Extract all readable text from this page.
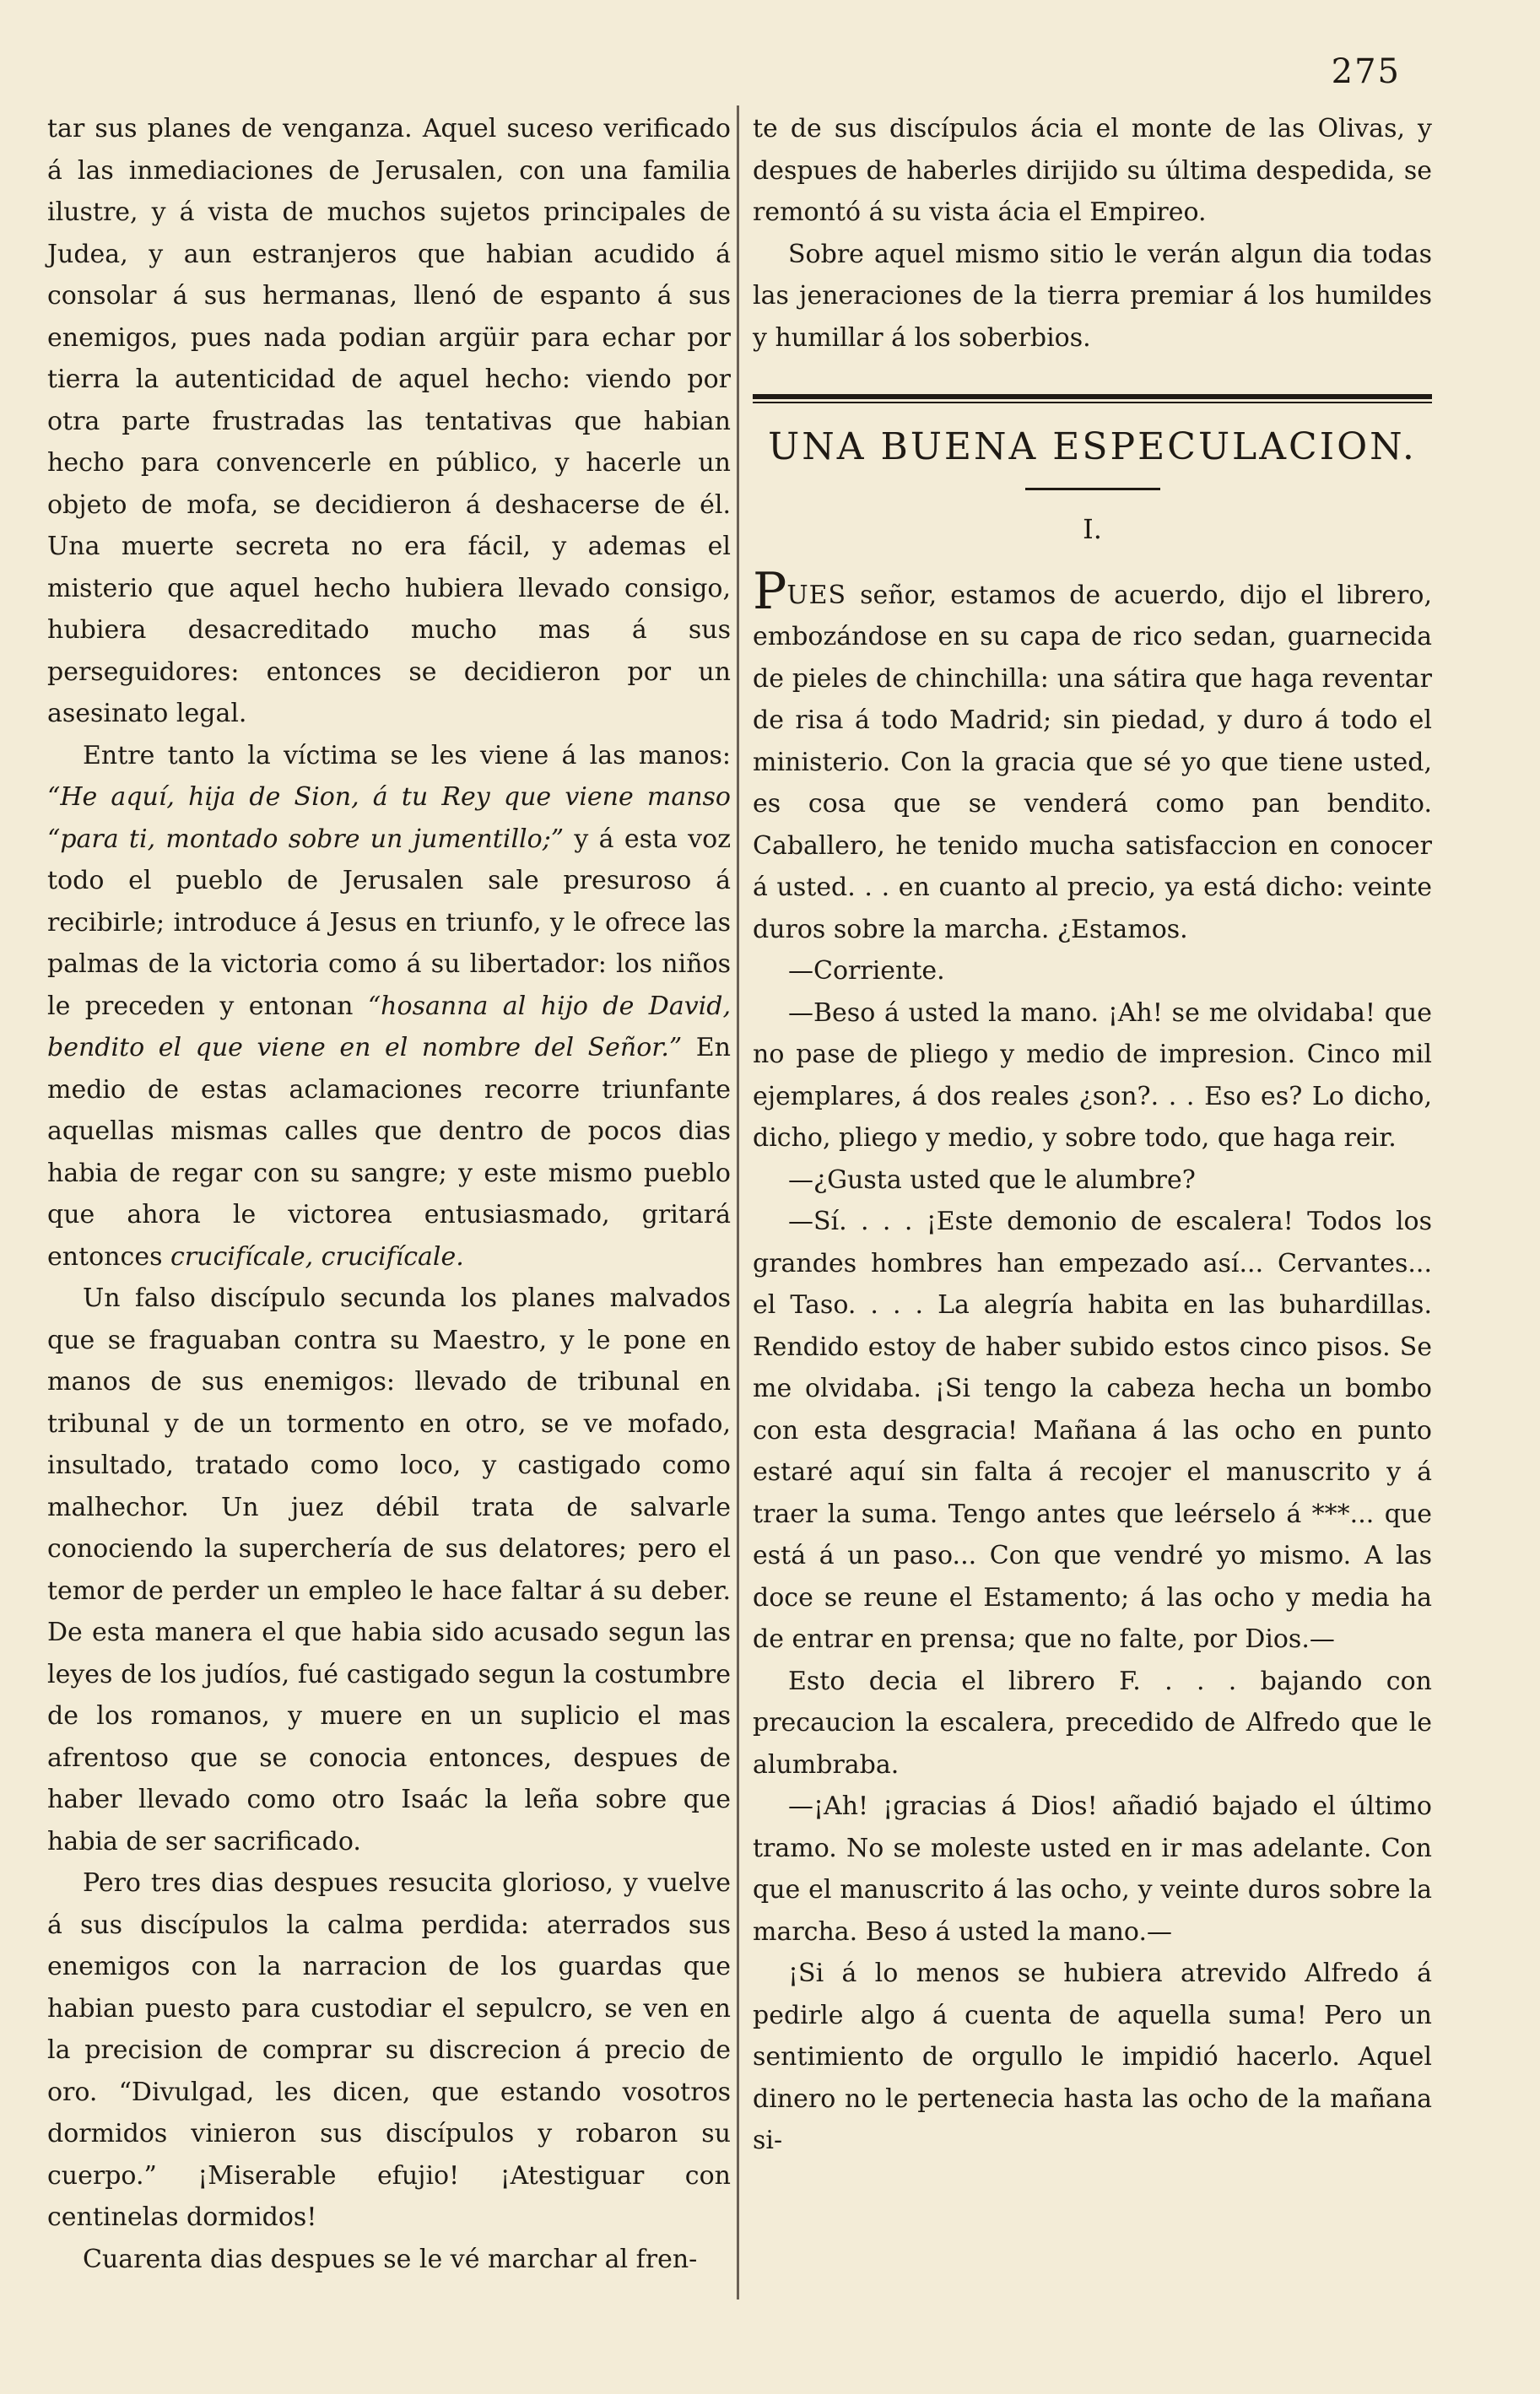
275

tar sus planes de venganza. Aquel suceso verificado á las inmediaciones de Jerusalen, con una familia ilustre, y á vista de muchos sujetos principales de Judea, y aun estranjeros que habian acudido á consolar á sus hermanas, llenó de espanto á sus enemigos, pues nada podian argüir para echar por tierra la autenticidad de aquel hecho: viendo por otra parte frustradas las tentativas que habian hecho para convencerle en público, y hacerle un objeto de mofa, se decidieron á deshacerse de él. Una muerte secreta no era fácil, y ademas el misterio que aquel hecho hubiera llevado consigo, hubiera desacreditado mucho mas á sus perseguidores: entonces se decidieron por un asesinato legal.

Entre tanto la víctima se les viene á las manos: “He aquí, hija de Sion, á tu Rey que viene manso “para ti, montado sobre un jumentillo;” y á esta voz todo el pueblo de Jerusalen sale presuroso á recibirle; introduce á Jesus en triunfo, y le ofrece las palmas de la victoria como á su libertador: los niños le preceden y entonan “hosanna al hijo de David, bendito el que viene en el nombre del Señor.” En medio de estas aclamaciones recorre triunfante aquellas mismas calles que dentro de pocos dias habia de regar con su sangre; y este mismo pueblo que ahora le victorea entusiasmado, gritará entonces crucifícale, crucifícale.

Un falso discípulo secunda los planes malvados que se fraguaban contra su Maestro, y le pone en manos de sus enemigos: llevado de tribunal en tribunal y de un tormento en otro, se ve mofado, insultado, tratado como loco, y castigado como malhechor. Un juez débil trata de salvarle conociendo la superchería de sus delatores; pero el temor de perder un empleo le hace faltar á su deber. De esta manera el que habia sido acusado segun las leyes de los judíos, fué castigado segun la costumbre de los romanos, y muere en un suplicio el mas afrentoso que se conocia entonces, despues de haber llevado como otro Isaác la leña sobre que habia de ser sacrificado.

Pero tres dias despues resucita glorioso, y vuelve á sus discípulos la calma perdida: aterrados sus enemigos con la narracion de los guardas que habian puesto para custodiar el sepulcro, se ven en la precision de comprar su discrecion á precio de oro. “Divulgad, les dicen, que estando vosotros dormidos vinieron sus discípulos y robaron su cuerpo.” ¡Miserable efujio! ¡Atestiguar con centinelas dormidos!

Cuarenta dias despues se le vé marchar al fren-

te de sus discípulos ácia el monte de las Olivas, y despues de haberles dirijido su última despedida, se remontó á su vista ácia el Empireo.

Sobre aquel mismo sitio le verán algun dia todas las jeneraciones de la tierra premiar á los humildes y humillar á los soberbios.

UNA BUENA ESPECULACION.
I.

PUES señor, estamos de acuerdo, dijo el librero, embozándose en su capa de rico sedan, guarnecida de pieles de chinchilla: una sátira que haga reventar de risa á todo Madrid; sin piedad, y duro á todo el ministerio. Con la gracia que sé yo que tiene usted, es cosa que se venderá como pan bendito. Caballero, he tenido mucha satisfaccion en conocer á usted. . . en cuanto al precio, ya está dicho: veinte duros sobre la marcha. ¿Estamos.

—Corriente.

—Beso á usted la mano. ¡Ah! se me olvidaba! que no pase de pliego y medio de impresion. Cinco mil ejemplares, á dos reales ¿son?. . . Eso es? Lo dicho, dicho, pliego y medio, y sobre todo, que haga reir.

—¿Gusta usted que le alumbre?

—Sí. . . . ¡Este demonio de escalera! Todos los grandes hombres han empezado así... Cervantes... el Taso. . . . La alegría habita en las buhardillas. Rendido estoy de haber subido estos cinco pisos. Se me olvidaba. ¡Si tengo la cabeza hecha un bombo con esta desgracia! Mañana á las ocho en punto estaré aquí sin falta á recojer el manuscrito y á traer la suma. Tengo antes que leérselo á ***... que está á un paso... Con que vendré yo mismo. A las doce se reune el Estamento; á las ocho y media ha de entrar en prensa; que no falte, por Dios.—

Esto decia el librero F. . . . bajando con precaucion la escalera, precedido de Alfredo que le alumbraba.

—¡Ah! ¡gracias á Dios! añadió bajado el último tramo. No se moleste usted en ir mas adelante. Con que el manuscrito á las ocho, y veinte duros sobre la marcha. Beso á usted la mano.—

¡Si á lo menos se hubiera atrevido Alfredo á pedirle algo á cuenta de aquella suma! Pero un sentimiento de orgullo le impidió hacerlo. Aquel dinero no le pertenecia hasta las ocho de la mañana si-
